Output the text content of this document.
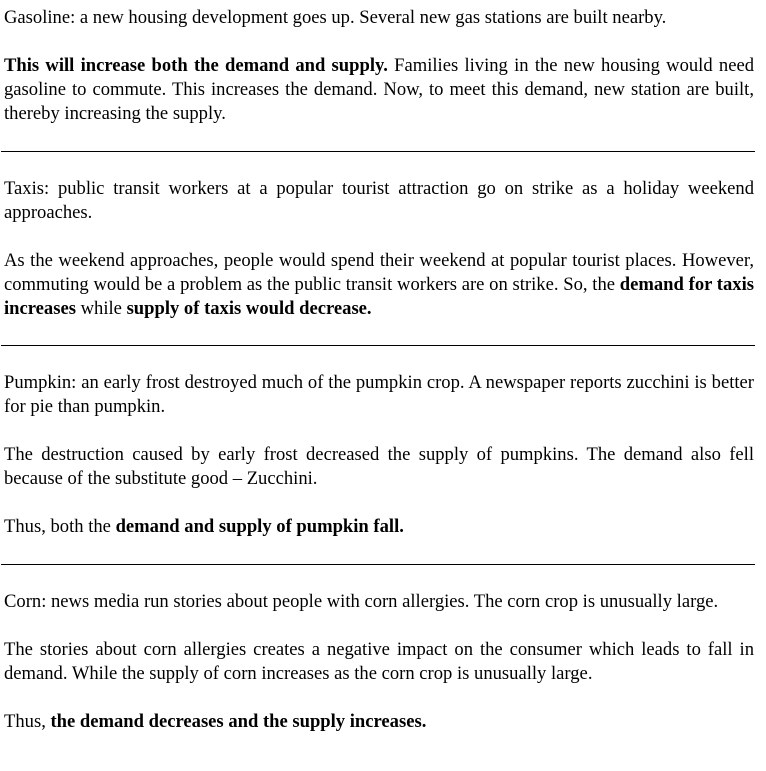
Gasoline: a new housing development goes up. Several new gas stations are built nearby.

This will increase both the demand and supply. Families living in the new housing would need gasoline to commute. This increases the demand. Now, to meet this demand, new station are built, thereby increasing the supply.

Taxis: public transit workers at a popular tourist attraction go on strike as a holiday weekend approaches.

As the weekend approaches, people would spend their weekend at popular tourist places. However, commuting would be a problem as the public transit workers are on strike. So, the demand for taxis increases while supply of taxis would decrease.

Pumpkin: an early frost destroyed much of the pumpkin crop. A newspaper reports zucchini is better for pie than pumpkin.

The destruction caused by early frost decreased the supply of pumpkins. The demand also fell because of the substitute good – Zucchini.

Thus, both the demand and supply of pumpkin fall.

Corn: news media run stories about people with corn allergies. The corn crop is unusually large.

The stories about corn allergies creates a negative impact on the consumer which leads to fall in demand. While the supply of corn increases as the corn crop is unusually large.

Thus, the demand decreases and the supply increases.
